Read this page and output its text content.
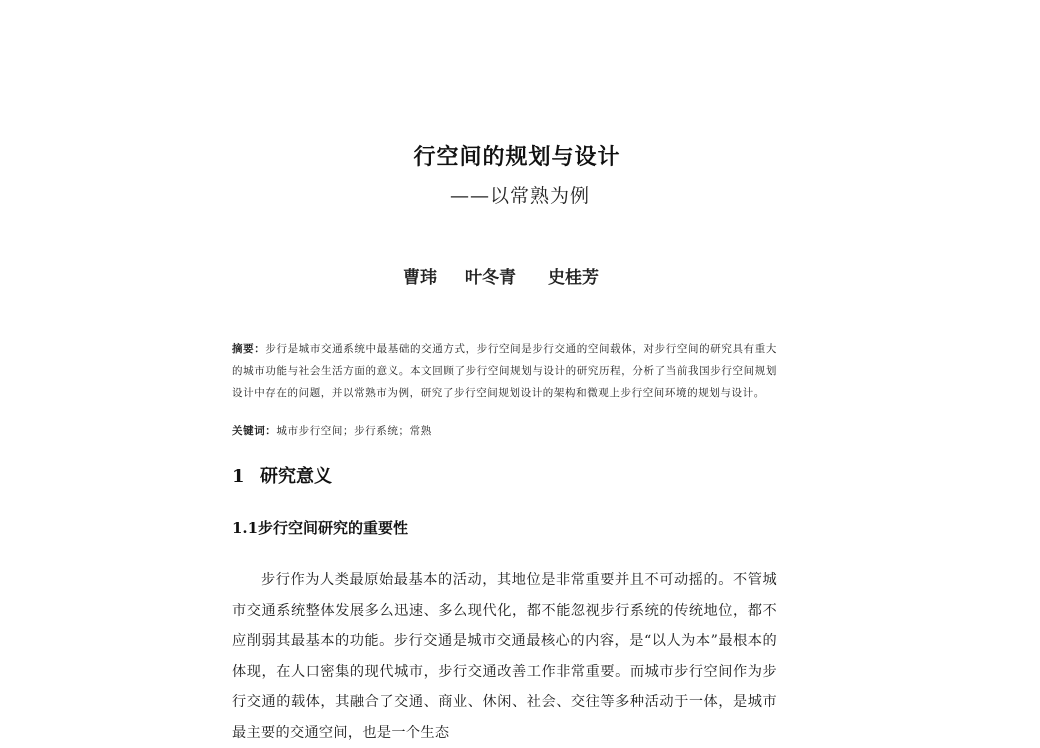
行空间的规划与设计
——以常熟为例
曹玮 叶冬青 史桂芳
摘要：步行是城市交通系统中最基础的交通方式，步行空间是步行交通的空间载体，对步行空间的研究具有重大的城市功能与社会生活方面的意义。本文回顾了步行空间规划与设计的研究历程，分析了当前我国步行空间规划设计中存在的问题，并以常熟市为例，研究了步行空间规划设计的架构和微观上步行空间环境的规划与设计。
关键词：城市步行空间；步行系统；常熟
1 研究意义
1.1步行空间研究的重要性
步行作为人类最原始最基本的活动，其地位是非常重要并且不可动摇的。不管城市交通系统整体发展多么迅速、多么现代化，都不能忽视步行系统的传统地位，都不应削弱其最基本的功能。步行交通是城市交通最核心的内容，是“以人为本”最根本的体现，在人口密集的现代城市，步行交通改善工作非常重要。而城市步行空间作为步行交通的载体，其融合了交通、商业、休闲、社会、交往等多种活动于一体，是城市最主要的交通空间，也是一个生态
